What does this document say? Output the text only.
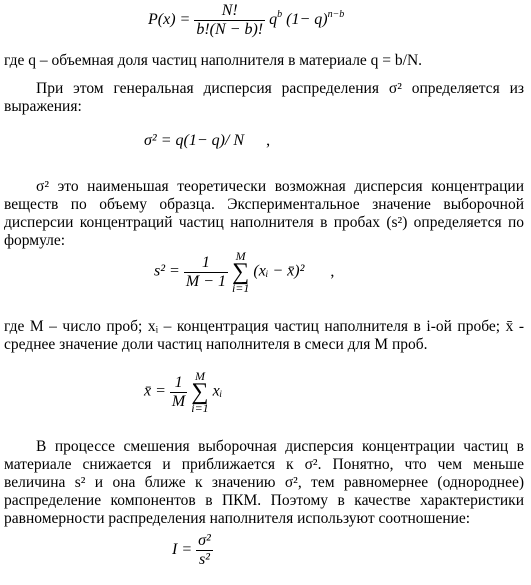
$P(x) = \frac{N!}{b!(N - b)!} q^b$ $(1- q)^{n-b}$
где q – объемная доля частиц наполнителя в материале q = b/N.
При этом генеральная дисперсия распределения σ² определяется из
выражения:
σ² = q(1− q)/ N ,
σ² это наименьшая теоретически возможная дисперсия концентрации
веществ по объему образца. Экспериментальное значение выборочной
дисперсии концентраций частиц наполнителя в пробах (s²) определяется по
формуле:
$s^2 = \frac{1}{M - 1}$ M
∑
i=1 (xᵢ − x̄)² ,
где M – число проб; xᵢ – концентрация частиц наполнителя в i-ой пробе; x̄ -
среднее значение доли частиц наполнителя в смеси для М проб.
x̄ = $\frac{1}{M}$ M
∑
i=1 xᵢ
В процессе смешения выборочная дисперсия концентрации частиц в
материале снижается и приближается к σ². Понятно, что чем меньше
величина s² и она ближе к значению σ², тем равномернее (однороднее)
распределение компонентов в ПКМ. Поэтому в качестве характеристики
равномерности распределения наполнителя используют соотношение:
$I = \frac{\text{σ²}}{\text{s²}}$
